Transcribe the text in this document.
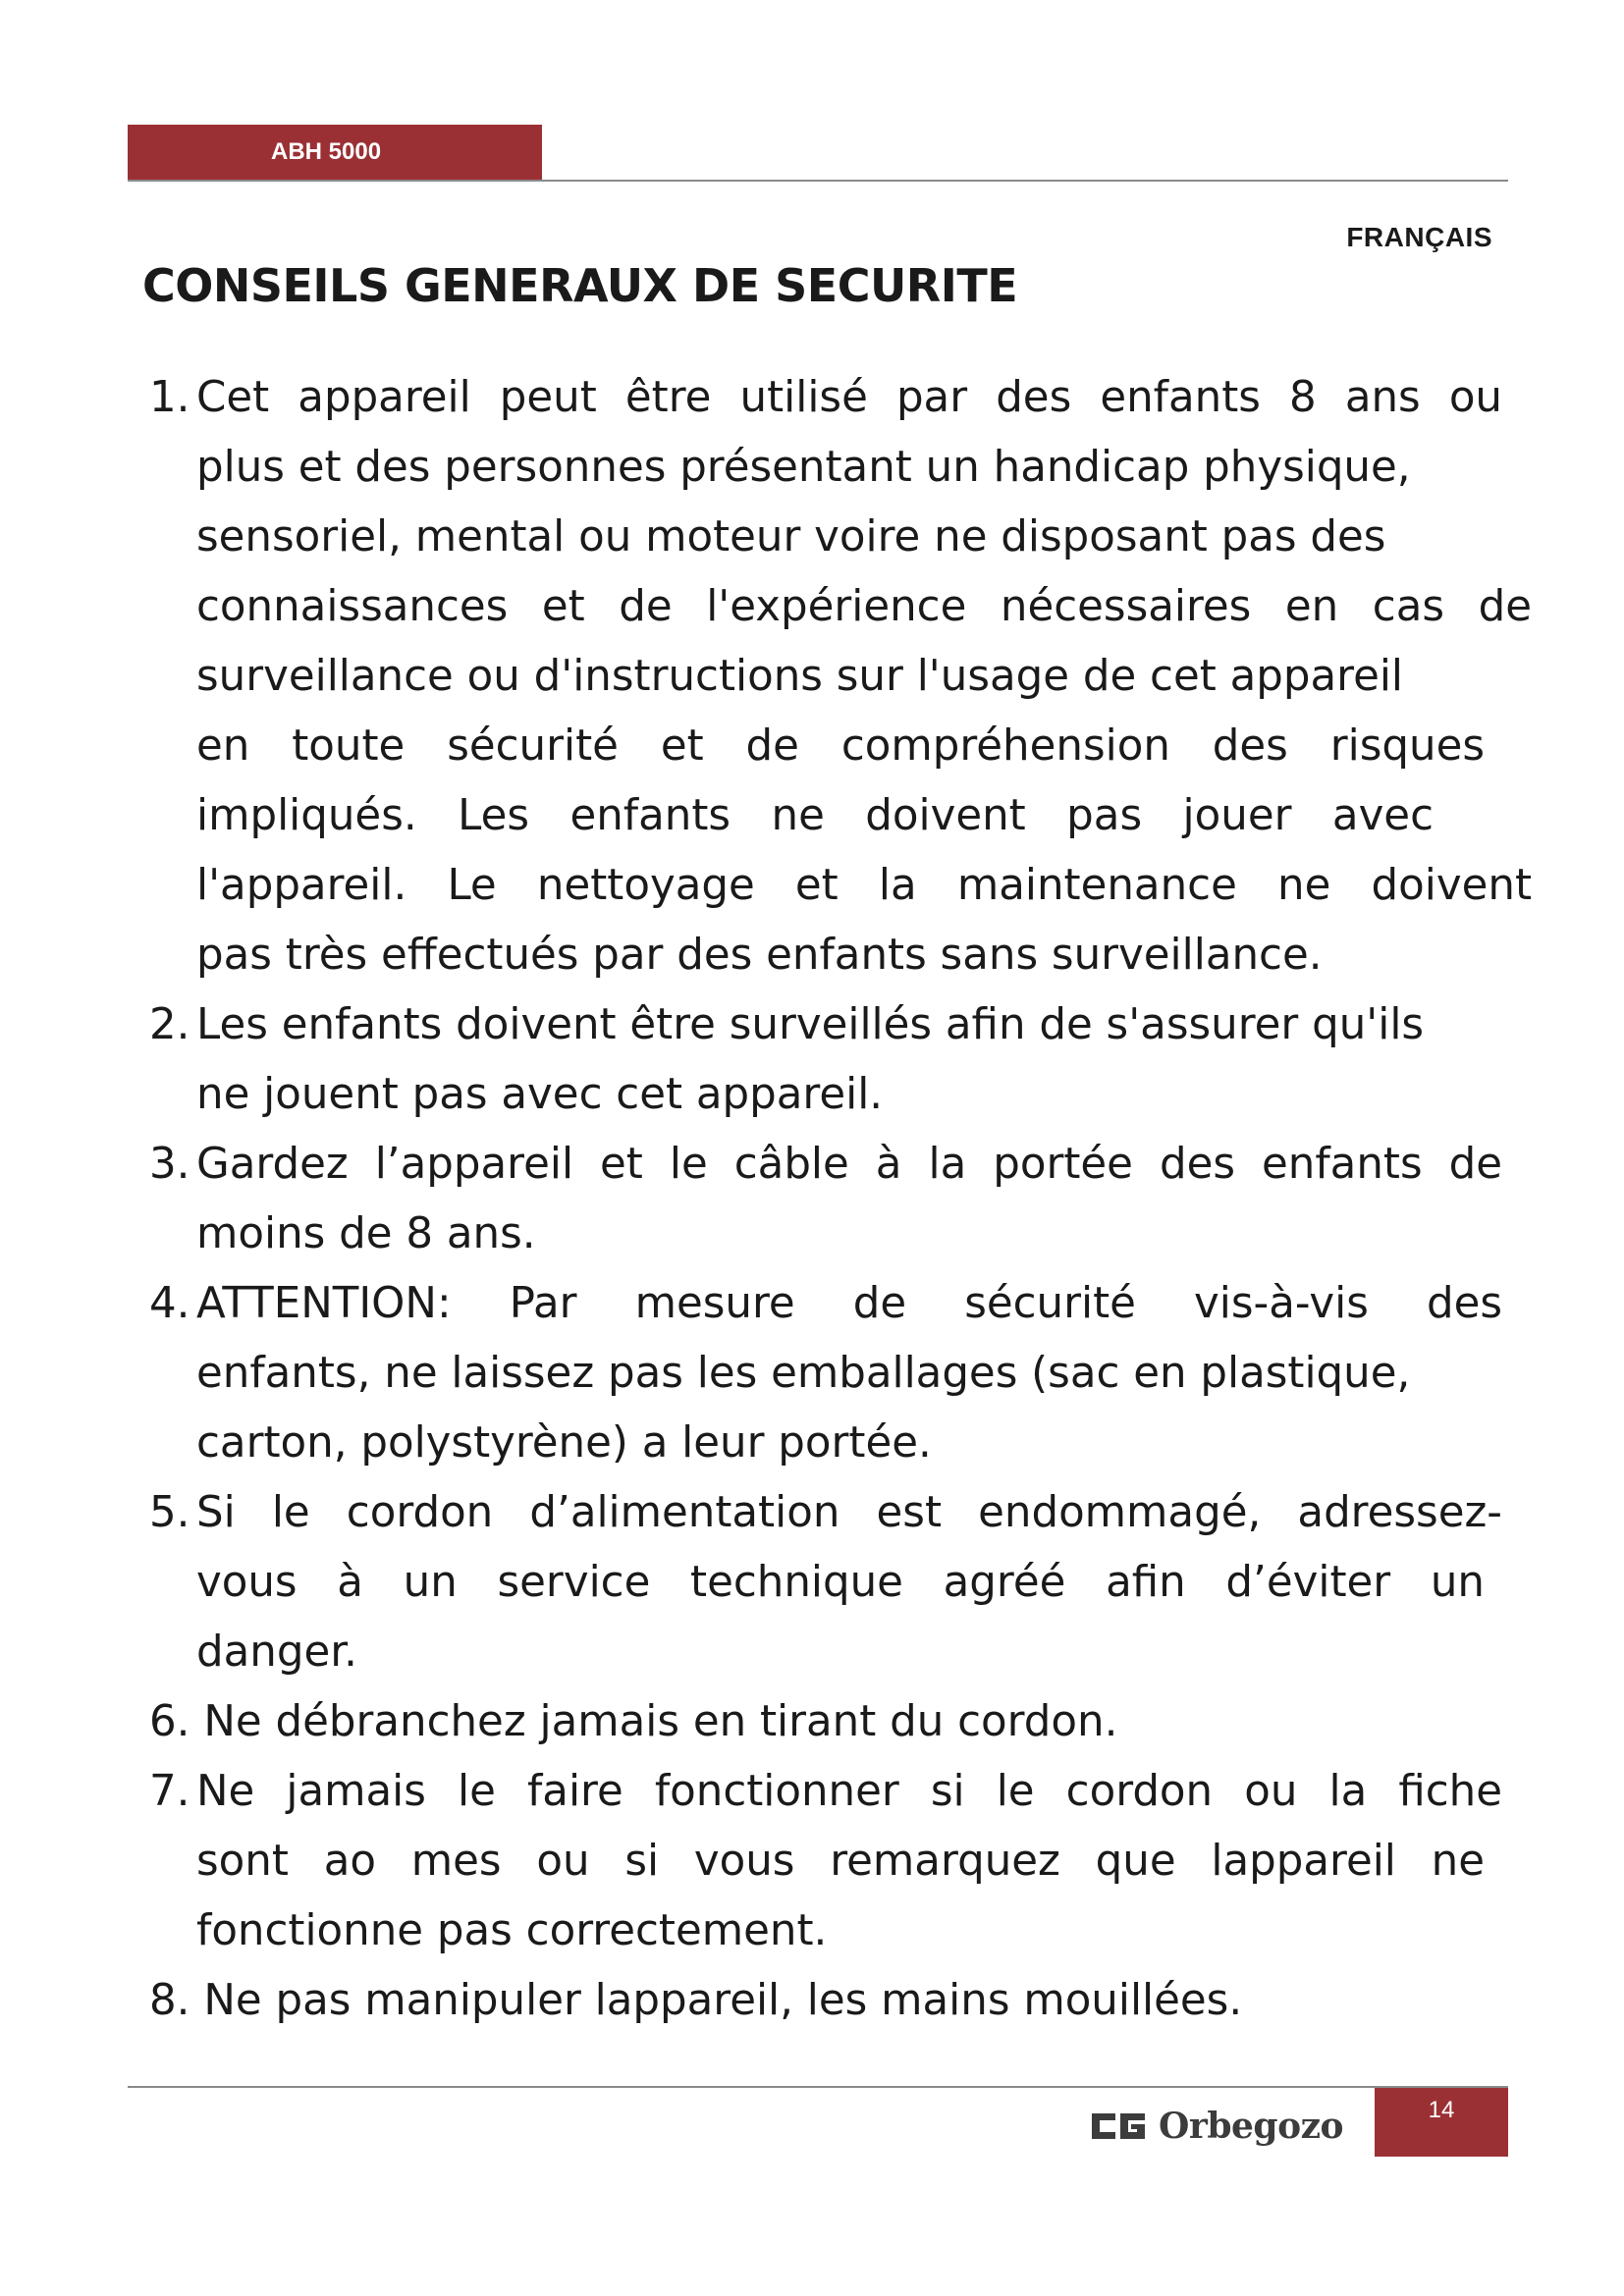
ABH 5000
FRANÇAIS
CONSEILS GENERAUX DE SECURITE
1. Cet appareil peut être utilisé par des enfants 8 ans ou
plus et des personnes présentant un handicap physique,
sensoriel, mental ou moteur voire ne disposant pas des
connaissances et de l'expérience nécessaires en cas de
surveillance ou d'instructions sur l'usage de cet appareil
en toute sécurité et de compréhension des risques
impliqués. Les enfants ne doivent pas jouer avec
l'appareil. Le nettoyage et la maintenance ne doivent
pas très effectués par des enfants sans surveillance.
2. Les enfants doivent être surveillés afin de s'assurer qu'ils
ne jouent pas avec cet appareil.
3. Gardez l’appareil et le câble à la portée des enfants de
moins de 8 ans.
4. ATTENTION: Par mesure de sécurité vis-à-vis des
enfants, ne laissez pas les emballages (sac en plastique,
carton, polystyrène) a leur portée.
5. Si le cordon d’alimentation est endommagé, adressez-
vous à un service technique agréé afin d’éviter un
danger.
6. Ne débranchez jamais en tirant du cordon.
7. Ne jamais le faire fonctionner si le cordon ou la fiche
sont ao mes ou si vous remarquez que lappareil ne
fonctionne pas correctement.
8. Ne pas manipuler lappareil, les mains mouillées.
Orbegozo	14
